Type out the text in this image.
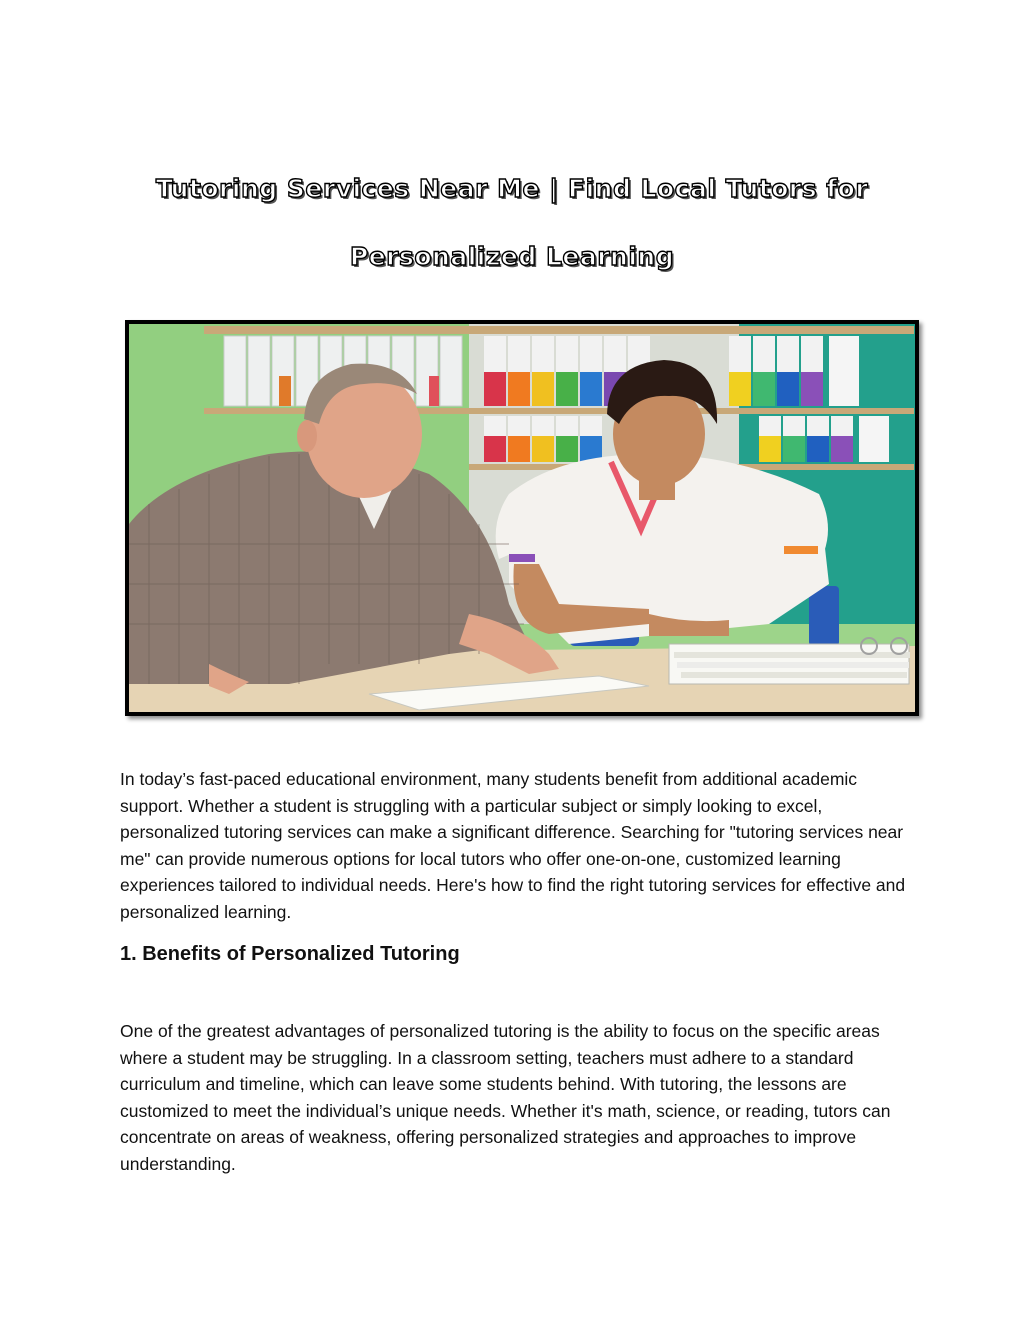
Tutoring Services Near Me | Find Local Tutors for
Personalized Learning

In today’s fast-paced educational environment, many students benefit from additional academic support. Whether a student is struggling with a particular subject or simply looking to excel, personalized tutoring services can make a significant difference. Searching for "tutoring services near me" can provide numerous options for local tutors who offer one-on-one, customized learning experiences tailored to individual needs. Here's how to find the right tutoring services for effective and personalized learning.

1. Benefits of Personalized Tutoring

One of the greatest advantages of personalized tutoring is the ability to focus on the specific areas where a student may be struggling. In a classroom setting, teachers must adhere to a standard curriculum and timeline, which can leave some students behind. With tutoring, the lessons are customized to meet the individual’s unique needs. Whether it's math, science, or reading, tutors can concentrate on areas of weakness, offering personalized strategies and approaches to improve understanding.
